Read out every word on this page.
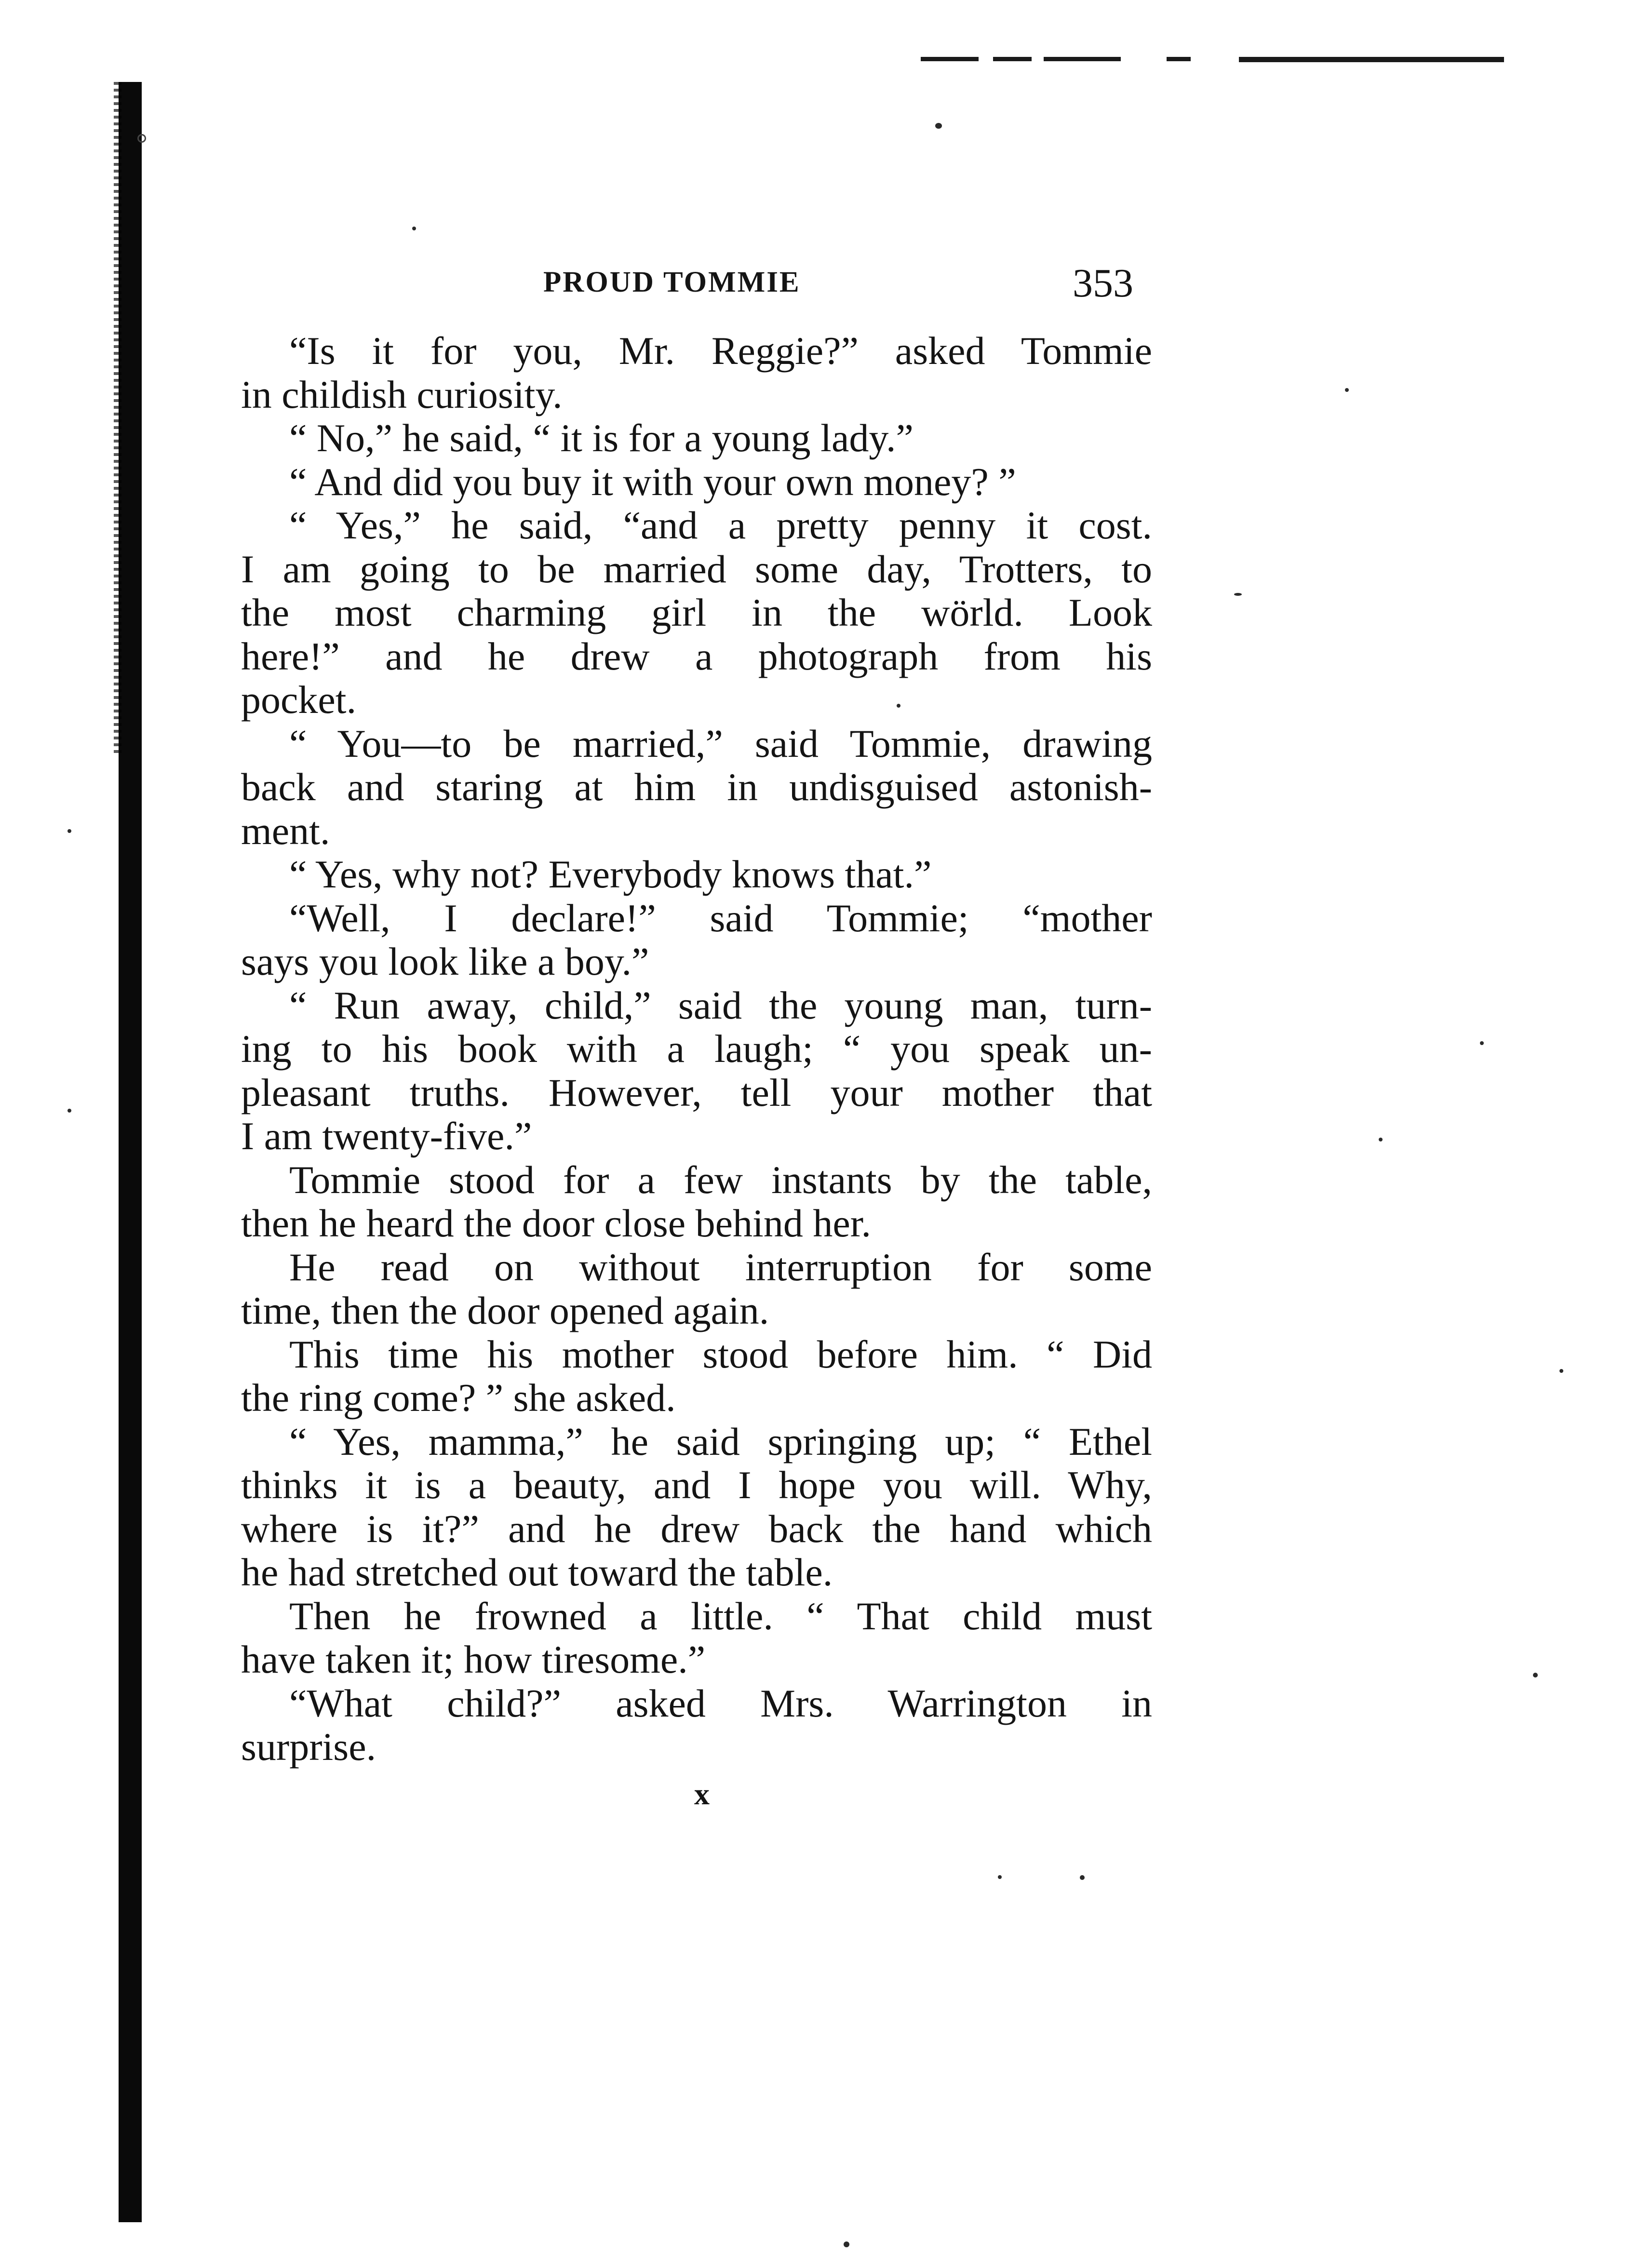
PROUD TOMMIE	353
“Is it for you, Mr. Reggie?” asked Tommie
in childish curiosity.
“ No,” he said, “ it is for a young lady.”
“ And did you buy it with your own money? ”
“ Yes,” he said, “and a pretty penny it cost.
I am going to be married some day, Trotters, to
the most charming girl in the wörld. Look
here!” and he drew a photograph from his
pocket.
“ You—to be married,” said Tommie, drawing
back and staring at him in undisguised astonish-
ment.
“ Yes, why not? Everybody knows that.”
“Well, I declare!” said Tommie; “mother
says you look like a boy.”
“ Run away, child,” said the young man, turn-
ing to his book with a laugh; “ you speak un-
pleasant truths. However, tell your mother that
I am twenty-five.”
Tommie stood for a few instants by the table,
then he heard the door close behind her.
He read on without interruption for some
time, then the door opened again.
This time his mother stood before him. “ Did
the ring come? ” she asked.
“ Yes, mamma,” he said springing up; “ Ethel
thinks it is a beauty, and I hope you will. Why,
where is it?” and he drew back the hand which
he had stretched out toward the table.
Then he frowned a little. “ That child must
have taken it; how tiresome.”
“What child?” asked Mrs. Warrington in
surprise.
x
